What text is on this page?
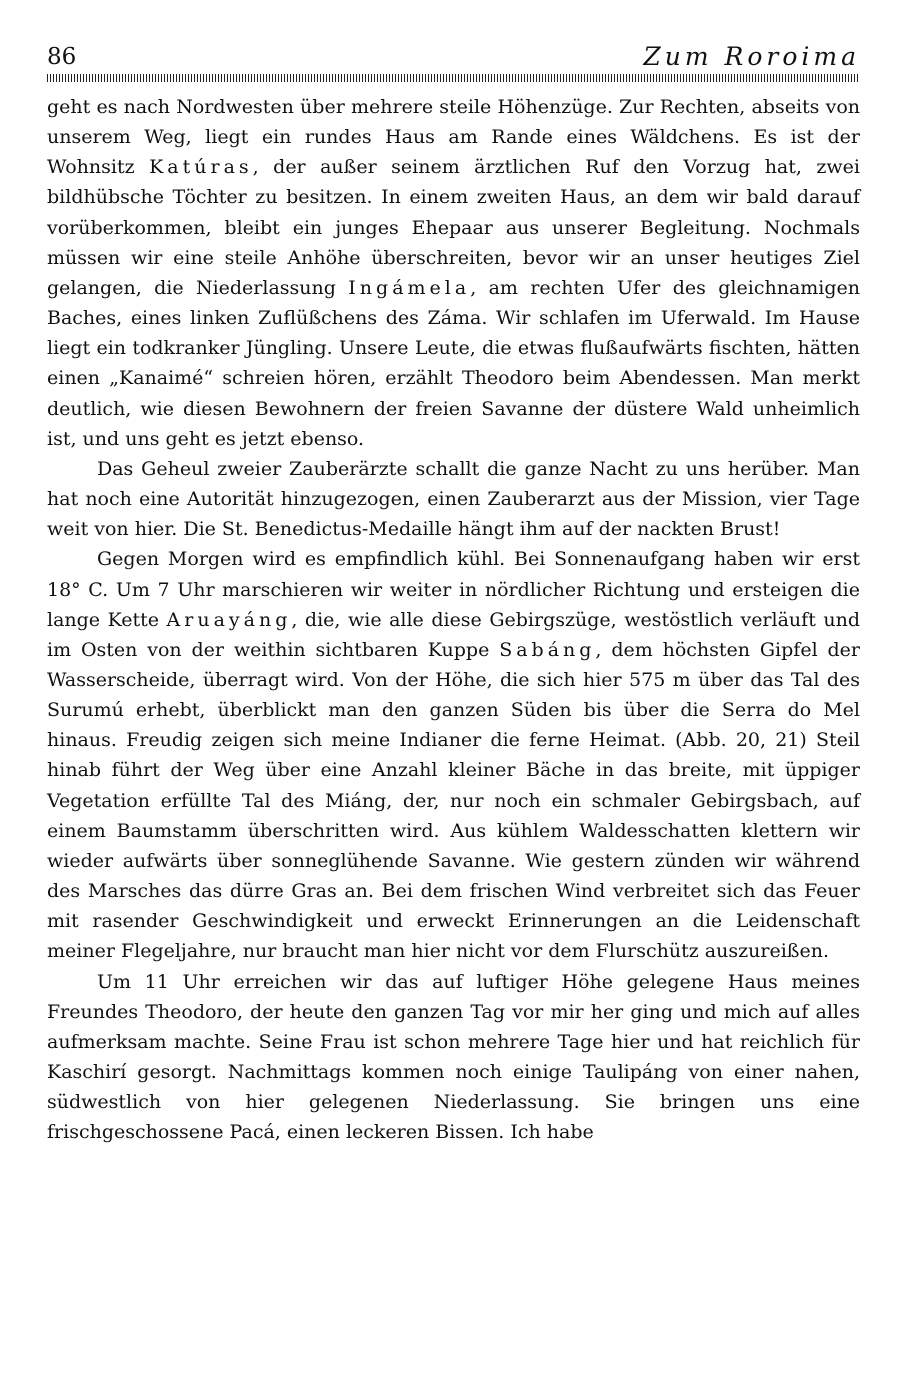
86	Zum Roroima

geht es nach Nordwesten über mehrere steile Höhenzüge. Zur Rechten, abseits von unserem Weg, liegt ein rundes Haus am Rande eines Wäldchens. Es ist der Wohnsitz Katúras, der außer seinem ärztlichen Ruf den Vorzug hat, zwei bildhübsche Töchter zu besitzen. In einem zweiten Haus, an dem wir bald darauf vorüberkommen, bleibt ein junges Ehepaar aus unserer Begleitung. Nochmals müssen wir eine steile Anhöhe überschreiten, bevor wir an unser heutiges Ziel gelangen, die Niederlassung Ingámela, am rechten Ufer des gleichnamigen Baches, eines linken Zuflüßchens des Záma. Wir schlafen im Uferwald. Im Hause liegt ein todkranker Jüngling. Unsere Leute, die etwas flußaufwärts fischten, hätten einen „Kanaimé“ schreien hören, erzählt Theodoro beim Abendessen. Man merkt deutlich, wie diesen Bewohnern der freien Savanne der düstere Wald unheimlich ist, und uns geht es jetzt ebenso.

Das Geheul zweier Zauberärzte schallt die ganze Nacht zu uns herüber. Man hat noch eine Autorität hinzugezogen, einen Zauberarzt aus der Mission, vier Tage weit von hier. Die St. Benedictus-Medaille hängt ihm auf der nackten Brust!

Gegen Morgen wird es empfindlich kühl. Bei Sonnenaufgang haben wir erst 18° C. Um 7 Uhr marschieren wir weiter in nördlicher Richtung und ersteigen die lange Kette Aruayáng, die, wie alle diese Gebirgszüge, westöstlich verläuft und im Osten von der weithin sichtbaren Kuppe Sabáng, dem höchsten Gipfel der Wasserscheide, überragt wird. Von der Höhe, die sich hier 575 m über das Tal des Surumú erhebt, überblickt man den ganzen Süden bis über die Serra do Mel hinaus. Freudig zeigen sich meine Indianer die ferne Heimat. (Abb. 20, 21) Steil hinab führt der Weg über eine Anzahl kleiner Bäche in das breite, mit üppiger Vegetation erfüllte Tal des Miáng, der, nur noch ein schmaler Gebirgsbach, auf einem Baumstamm überschritten wird. Aus kühlem Waldesschatten klettern wir wieder aufwärts über sonneglühende Savanne. Wie gestern zünden wir während des Marsches das dürre Gras an. Bei dem frischen Wind verbreitet sich das Feuer mit rasender Geschwindigkeit und erweckt Erinnerungen an die Leidenschaft meiner Flegeljahre, nur braucht man hier nicht vor dem Flurschütz auszureißen.

Um 11 Uhr erreichen wir das auf luftiger Höhe gelegene Haus meines Freundes Theodoro, der heute den ganzen Tag vor mir her ging und mich auf alles aufmerksam machte. Seine Frau ist schon mehrere Tage hier und hat reichlich für Kaschirí gesorgt. Nachmittags kommen noch einige Taulipáng von einer nahen, südwestlich von hier gelegenen Niederlassung. Sie bringen uns eine frischgeschossene Pacá, einen leckeren Bissen. Ich habe
